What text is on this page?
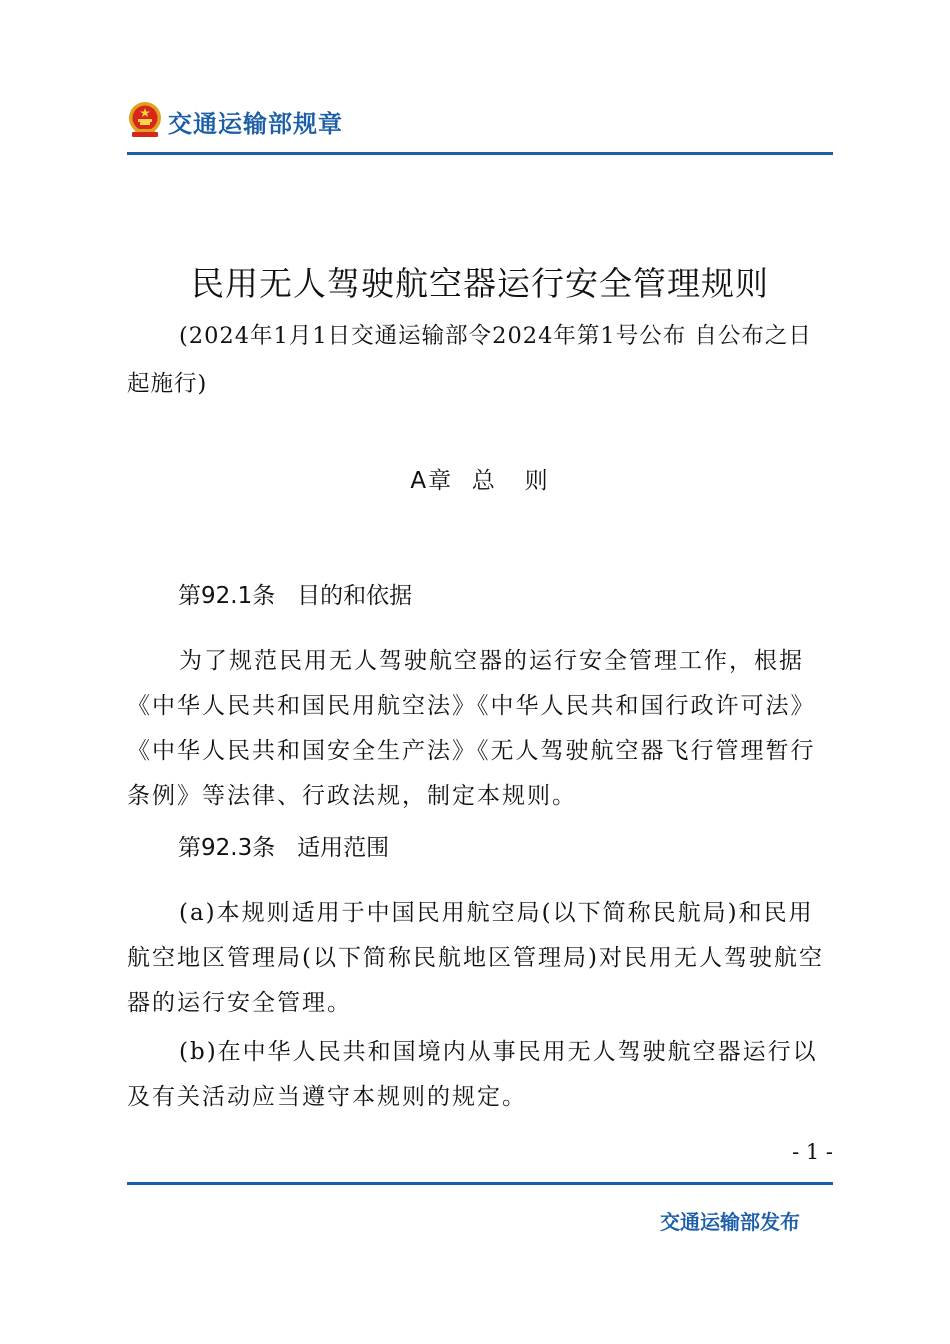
交通运输部规章
民用无人驾驶航空器运行安全管理规则
(2024年1月1日交通运输部令2024年第1号公布 自公布之日起施行)
A章  总   则
第92.1条   目的和依据
为了规范民用无人驾驶航空器的运行安全管理工作，根据《中华人民共和国民用航空法》《中华人民共和国行政许可法》《中华人民共和国安全生产法》《无人驾驶航空器飞行管理暂行条例》等法律、行政法规，制定本规则。
第92.3条   适用范围
(a)本规则适用于中国民用航空局(以下简称民航局)和民用航空地区管理局(以下简称民航地区管理局)对民用无人驾驶航空器的运行安全管理。
(b)在中华人民共和国境内从事民用无人驾驶航空器运行以及有关活动应当遵守本规则的规定。
- 1 -
交通运输部发布
